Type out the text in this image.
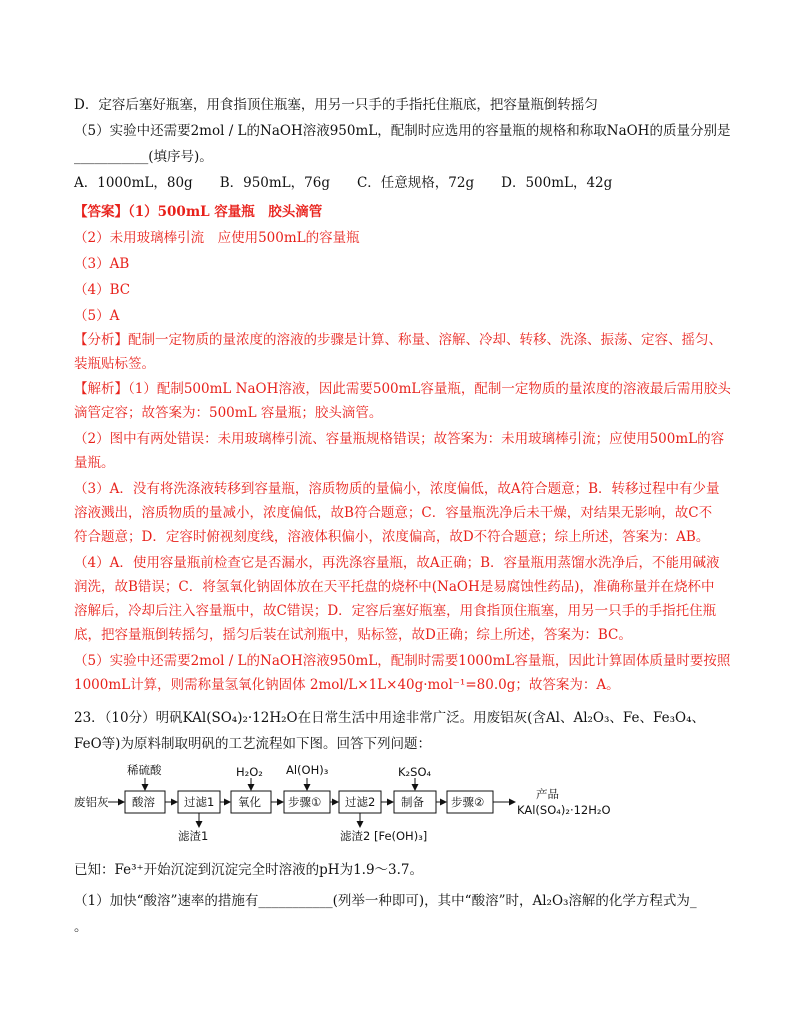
D．定容后塞好瓶塞，用食指顶住瓶塞，用另一只手的手指托住瓶底，把容量瓶倒转摇匀
（5）实验中还需要2mol / L的NaOH溶液950mL，配制时应选用的容量瓶的规格和称取NaOH的质量分别是
___________(填序号)。
A．1000mL，80g　　B．950mL，76g　　C．任意规格，72g　　D．500mL，42g
【答案】（1）500mL 容量瓶　胶头滴管
（2）未用玻璃棒引流　应使用500mL的容量瓶
（3）AB
（4）BC
（5）A
【分析】配制一定物质的量浓度的溶液的步骤是计算、称量、溶解、冷却、转移、洗涤、振荡、定容、摇匀、
装瓶贴标签。
【解析】（1）配制500mL NaOH溶液，因此需要500mL容量瓶，配制一定物质的量浓度的溶液最后需用胶头
滴管定容；故答案为：500mL 容量瓶；胶头滴管。
（2）图中有两处错误：未用玻璃棒引流、容量瓶规格错误；故答案为：未用玻璃棒引流；应使用500mL的容
量瓶。
（3）A．没有将洗涤液转移到容量瓶，溶质物质的量偏小，浓度偏低，故A符合题意；B．转移过程中有少量
溶液溅出，溶质物质的量减小，浓度偏低，故B符合题意；C．容量瓶洗净后未干燥，对结果无影响，故C不
符合题意；D．定容时俯视刻度线，溶液体积偏小，浓度偏高，故D不符合题意；综上所述，答案为：AB。
（4）A．使用容量瓶前检查它是否漏水，再洗涤容量瓶，故A正确；B．容量瓶用蒸馏水洗净后，不能用碱液
润洗，故B错误；C．将氢氧化钠固体放在天平托盘的烧杯中(NaOH是易腐蚀性药品)，准确称量并在烧杯中
溶解后，冷却后注入容量瓶中，故C错误；D．定容后塞好瓶塞，用食指顶住瓶塞，用另一只手的手指托住瓶
底，把容量瓶倒转摇匀，摇匀后装在试剂瓶中，贴标签，故D正确；综上所述，答案为：BC。
（5）实验中还需要2mol / L的NaOH溶液950mL，配制时需要1000mL容量瓶，因此计算固体质量时要按照
1000mL计算，则需称量氢氧化钠固体 2mol/L×1L×40g·mol⁻¹=80.0g；故答案为：A。
23．（10分）明矾KAl(SO₄)₂·12H₂O在日常生活中用途非常广泛。用废铝灰(含Al、Al₂O₃、Fe、Fe₃O₄、
FeO等)为原料制取明矾的工艺流程如下图。回答下列问题：
废铝灰 酸溶	过滤1 氧化 步骤① 过滤2 制备 步骤②
产品
KAl(SO₄)₂·12H₂O
稀硫酸	H₂O₂ Al(OH)₃	K₂SO₄
滤渣1	滤渣2 [Fe(OH)₃]
已知：Fe³⁺开始沉淀到沉淀完全时溶液的pH为1.9～3.7。
（1）加快“酸溶”速率的措施有___________(列举一种即可)，其中“酸溶”时，Al₂O₃溶解的化学方程式为_
。
